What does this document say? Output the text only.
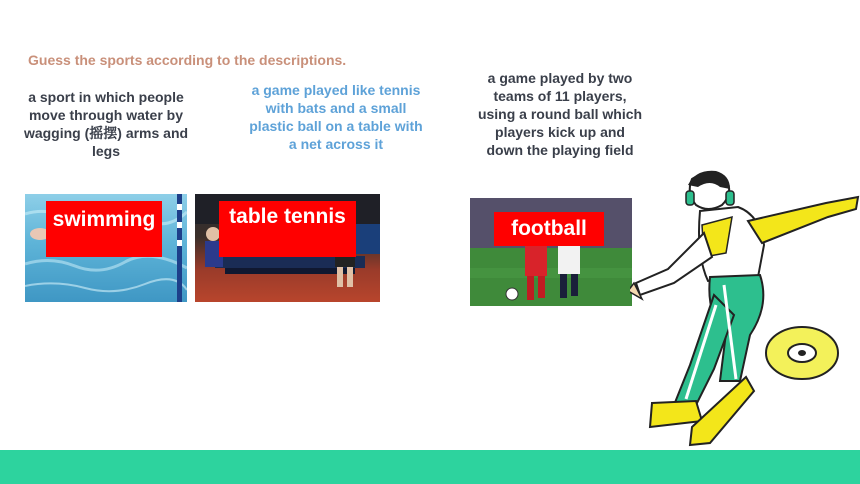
Guess the sports according to the descriptions.
a sport in which people move through water by wagging (摇摆) arms and legs
a game played like tennis with bats and a small plastic ball on a table with a net across it
a game played by two teams of 11 players, using a round ball which players kick up and down the playing field
swimming	table tennis
football
